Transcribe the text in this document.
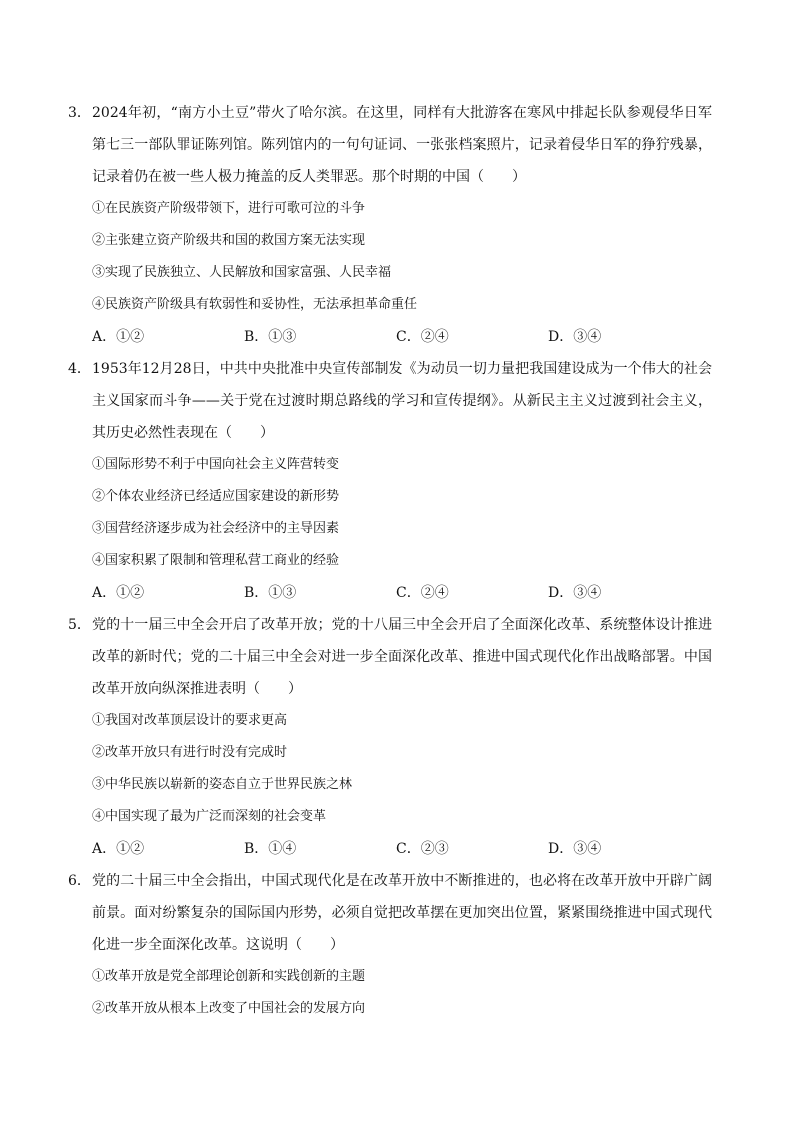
3． 2024年初，“南方小土豆”带火了哈尔滨。在这里，同样有大批游客在寒风中排起长队参观侵华日军第七三一部队罪证陈列馆。陈列馆内的一句句证词、一张张档案照片，记录着侵华日军的狰狞残暴，记录着仍在被一些人极力掩盖的反人类罪恶。那个时期的中国（　　）

①在民族资产阶级带领下，进行可歌可泣的斗争

②主张建立资产阶级共和国的救国方案无法实现

③实现了民族独立、人民解放和国家富强、人民幸福

④民族资产阶级具有软弱性和妥协性，无法承担革命重任

A．①②	B．①③	C．②④	D．③④

4． 1953年12月28日，中共中央批准中央宣传部制发《为动员一切力量把我国建设成为一个伟大的社会主义国家而斗争——关于党在过渡时期总路线的学习和宣传提纲》。从新民主主义过渡到社会主义，其历史必然性表现在（　　）

①国际形势不利于中国向社会主义阵营转变

②个体农业经济已经适应国家建设的新形势

③国营经济逐步成为社会经济中的主导因素

④国家积累了限制和管理私营工商业的经验

A．①②	B．①③	C．②④	D．③④

5． 党的十一届三中全会开启了改革开放；党的十八届三中全会开启了全面深化改革、系统整体设计推进改革的新时代；党的二十届三中全会对进一步全面深化改革、推进中国式现代化作出战略部署。中国改革开放向纵深推进表明（　　）

①我国对改革顶层设计的要求更高

②改革开放只有进行时没有完成时

③中华民族以崭新的姿态自立于世界民族之林

④中国实现了最为广泛而深刻的社会变革

A．①②	B．①④	C．②③	D．③④

6． 党的二十届三中全会指出，中国式现代化是在改革开放中不断推进的，也必将在改革开放中开辟广阔前景。面对纷繁复杂的国际国内形势，必须自觉把改革摆在更加突出位置，紧紧围绕推进中国式现代化进一步全面深化改革。这说明（　　）

①改革开放是党全部理论创新和实践创新的主题

②改革开放从根本上改变了中国社会的发展方向
